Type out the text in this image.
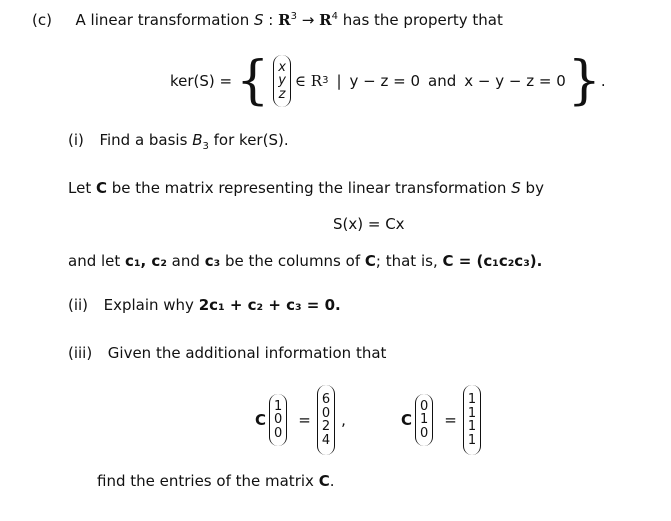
(c) A linear transformation S : $R^3 \to R^4$ has the property that
ker(S) = { x
y
z
∈ R 3 | y − z = 0 and x − y − z = 0 } .
(i) Find a basis $B_3$ for ker(S).
Let C be the matrix representing the linear transformation S by
S(x) = Cx
and let c₁, c₂ and c₃ be the columns of C; that is, C = (c₁c₂c₃).
(ii) Explain why 2c₁ + c₂ + c₃ = 0.
(iii) Given the additional information that
C
1
0
0
=
6
0
2
4
,	C
0
1
0
=
1
1
1
1
find the entries of the matrix C.
